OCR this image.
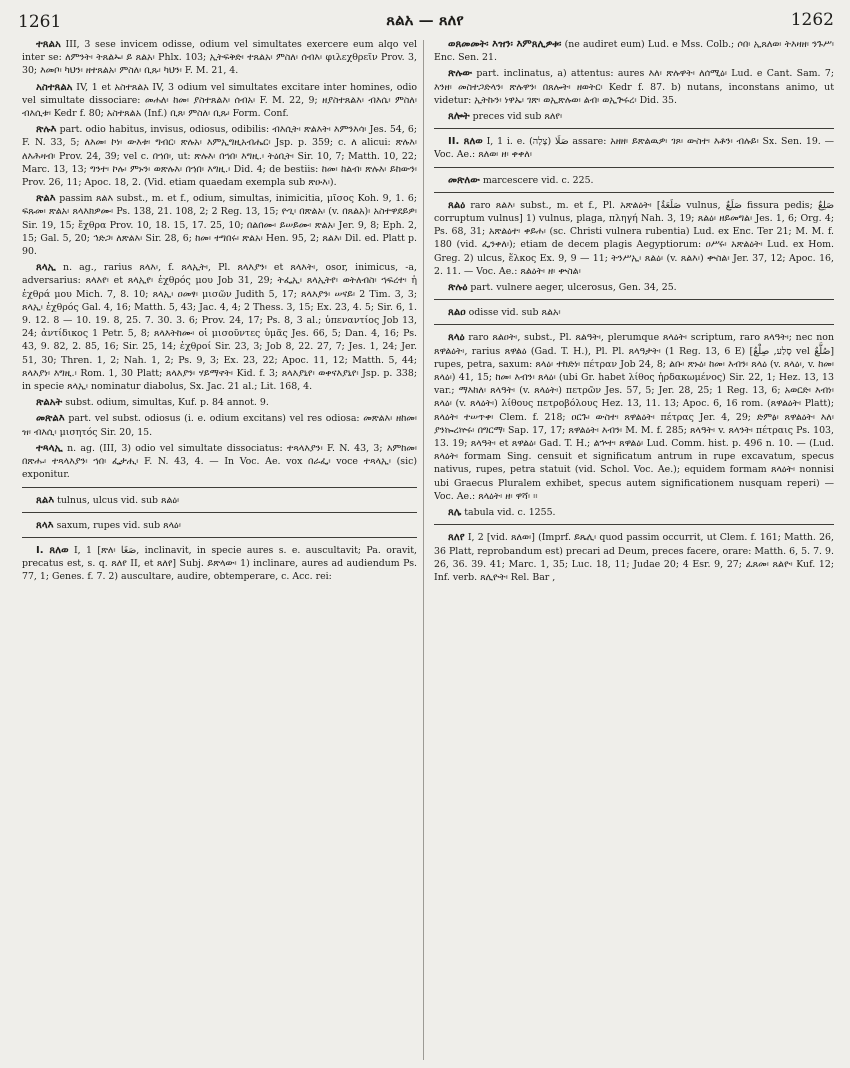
1261	ጸልአ — ጸለየ	1262

ተጸልአ III, 3 sese invicem odisse, odium vel simultates exercere eum alqo vel inter se: ለምንት፡ ትጸልኡ፡ ይ ጸልአ፡ Phlx. 103; ኢትፍቅድ፡ ተጸልአ፡ ምስለ፡ ሰብእ፡ φιλεχθρεῖν Prov. 3, 30; እመቦ፡ ካህን፡ ዘተጸልአ፡ ምስለ፡ ቢጹ፡ ካህን፡ F. M. 21, 4.

አስተጸልአ IV, 1 et አስተጸልአ IV, 3 odium vel simultates excitare inter homines, odio vel simultate dissociare: መሐለ፡ ከመ፡ ያስተጸልእ፡ ሰብአ፡ F. M. 22, 9; ዘያስተጸልእ፡ ብእሴ፡ ምስለ፡ ብእሲቱ፡ Kedr f. 80; አስተጸልአ (Inf.) ቢጸ፡ ምስለ፡ ቢጹ፡ Form. Conf.

ጽሉእ part. odio habitus, invisus, odiosus, odibilis: ብእሲት፡ ጽልእት፡ እምንእሳ፡ Jes. 54, 6; F. N. 33, 5; ለእመ፡ ኮነ፡ ውእቱ፡ ግብር፡ ጽሉአ፡ እምኢግዚአብሔር፡ Jsp. p. 359; c. ለ alicui: ጽሉእ፡ ለእሕዛብ፡ Prov. 24, 39; vel c. በኀበ፡, ut: ጽሉእ፡ በኀበ፡ እግዚ.፡ ትዕቢት፡ Sir. 10, 7; Matth. 10, 22; Marc. 13, 13; ግንተ፡ ኮሉ፡ ምኑን፡ ወጽሉእ፡ በኀበ፡ እግዚ.፡ Did. 4; de bestiis: ከመ፡ ከልብ፡ ጽሉእ፡ ይከውን፡ Prov. 26, 11; Apoc. 18, 2. (Vid. etiam quaedam exempla sub ጽዑእ፡).

ጽልእ passim ጸልእ subst., m. et f., odium, simultas, inimicitia, μῖσος Koh. 9, 1. 6; ፍጹመ፡ ጽልአ፡ ጸላእክዎሙ፡ Ps. 138, 21. 108, 2; 2 Reg. 13, 15; ዮጊ፡ በጽልአ፡ (v. በጸልአ)፡ አስተዋደይዎ፡ Sir. 19, 15; ἔχθρα Prov. 10, 18. 15, 17. 25, 10; በልበሙ፡ ይሠይሙ፡ ጽልአ፡ Jer. 9, 8; Eph. 2, 15; Gal. 5, 20; ኅድጋ፡ ለጽልእ፡ Sir. 28, 6; ከመ፡ ተግበሩ፡ ጽልአ፡ Hen. 95, 2; ጸልእ፡ Dil. ed. Platt p. 90.

ጸላኢ n. ag., rarius ጸላእ፡, f. ጸላኢት፡, Pl. ጸላእያን፡ et ጸላእት፡, osor, inimicus, -a, adversarius: ጸላእየ፡ et ጸላኢየ፡ ἐχθρός μου Job 31, 29; ትፌኢ፡ ጸላኢትየ፡ ወትለብስ፡ ኀፍረተ፡ ἡ ἐχθρά μου Mich. 7, 8. 10; ጸላኢ፡ ዐመፃ፡ μισῶν Judith 5, 17; ጸላእያን፡ ሠናይ፡ 2 Tim. 3, 3; ጸላኢ፡ ἐχθρός Gal. 4, 16; Matth. 5, 43; Jac. 4, 4; 2 Thess. 3, 15; Ex. 23, 4. 5; Sir. 6, 1. 9. 12. 8 — 10. 19. 8, 25. 7. 30. 3. 6; Prov. 24, 17; Ps. 8, 3 al.; ὑπεναντίος Job 13, 24; ἀντίδικος 1 Petr. 5, 8; ጸላእትከሙ፡ οἱ μισοῦντες ὑμᾶς Jes. 66, 5; Dan. 4, 16; Ps. 43, 9. 82, 2. 85, 16; Sir. 25, 14; ἐχθροί Sir. 23, 3; Job 8, 22. 27, 7; Jes. 1, 24; Jer. 51, 30; Thren. 1, 2; Nah. 1, 2; Ps. 9, 3; Ex. 23, 22; Apoc. 11, 12; Matth. 5, 44; ጸላእያነ፡ እግዚ.፡ Rom. 1, 30 Platt; ጸላእያን፡ ሃይማኖት፡ Kid. f. 3; ጸላእያኒየ፡ ወቀናእያኒየ፡ Jsp. p. 338; in specie ጸላኢ፡ nominatur diabolus, Sx. Jac. 21 al.; Lit. 168, 4.

ጽልአት subst. odium, simultas, Kuf. p. 84 annot. 9.

መጽልእ part. vel subst. odiosus (i. e. odium excitans) vel res odiosa: መጽልእ፡ ዘከመ፡ ዝ፡ ብእሲ፡ μισητός Sir. 20, 15.

ተጻላኢ n. ag. (III, 3) odio vel simultate dissociatus: ተጻላእያን፡ F. N. 43, 3; እምከመ፡ በጽሑ፡ ተጻላእያን፡ ኀበ፡ ፌታሒ፡ F. N. 43, 4. — In Voc. Ae. vox በራፌ፡ voce ተጻላኢ፡ (sic) exponitur.

ጸልእ tulnus, ulcus vid. sub ጸልዕ፡

ጸላእ saxum, rupes vid. sub ጸላዕ፡

I. ጸለወ I, 1 [ጽለ፡ صَغَا, inclinavit, in specie aures s. e. auscultavit; Pa. oravit, precatus est, s. q. ጸለየ II, et ጸለየ] Subj. ይጽላው፡ 1) inclinare, aures ad audiendum Ps. 77, 1; Genes. f. 7. 2) auscultare, audire, obtemperare, c. Acc. rei:

ወጸመመት፡ እዝን፡ እምጸሊዎቱ፡ (ne audiret eum) Lud. e Mss. Colb.; ሶበ፡ ኢጸለወ፡ ትእዛዘ፡ ንጉሥ፡ Enc. Sen. 21.

ጽሉው part. inclinatus, a) attentus: aures እለ፡ ጽሉዋት፡ ለሰሚዕ፡ Lud. e Cant. Sam. 7; እንዘ፡ መስተጋድላን፡ ጽሉዋን፡ በጸሎት፡ ዘወትር፡ Kedr f. 87. b) nutans, inconstans animo, ut videtur: ኢትኩን፡ ነዋኤ፡ ገጽ፡ ወኢጽሉወ፡ ልብ፡ ወኢጕሩረ፡ Did. 35.

ጸሎት preces vid sub ጸለየ፡

II. ጸለወ I, 1 i. e. صَلَا (צָלָה) assare: አዘዘ፡ ይጽልዉዎ፡ ገጾ፡ ውስተ፡ እቶን፡ ብሉይ፡ Sx. Sen. 19. — Voc. Ae.: ጸለወ፡ ዘ፡ ቀቀለ፡

መጽለው marcescere vid. c. 225.

ጸልዕ raro ጸልእ፡ subst., m. et f., Pl. አጽልዕት፡ [صَلَعَةٌ vulnus, صَلَعٌ fissura pedis; صَلِعٌ corruptum vulnus] 1) vulnus, plaga, πληγή Nah. 3, 19; ጸልዕ፡ ዘይመግል፡ Jes. 1, 6; Org. 4; Ps. 68, 31; አጽልዕተ፡ ቀይሐ፡ (sc. Christi vulnera rubentia) Lud. ex Enc. Ter 21; M. M. f. 180 (vid. ፌንቀለ፡); etiam de decem plagis Aegyptiorum: ዐሥሩ፡ አጽልዕት፡ Lud. ex Hom. Greg. 2) ulcus, ἕλκος Ex. 9, 9 — 11; ትንሥኢ፡ ጸልዕ፡ (v. ጸልእ፡) ቍስል፡ Jer. 37, 12; Apoc. 16, 2. 11. — Voc. Ae.: ጸልዕት፡ ዘ፡ ቍስል፡

ጽሉዕ part. vulnere aeger, ulcerosus, Gen. 34, 25.

ጸልዐ odisse vid. sub ጸልአ፡

ጸላዕ raro ጸልዐት፡, subst., Pl. ጸልዓት፡, plerumque ጸላዕት፡ scriptum, raro ጸላዓት፡; nec non ጸዋልዕት፡, rarius ጸዋልዕ (Gad. T. H.), Pl. Pl. ጸላዓታት፡ (1 Reg. 13, 6 E) [סֶלַע, صِلْعٌ vel صُلَّعٌ] rupes, petra, saxum: ጸላዕ፡ ተከድነ፡ πέτραν Job 24, 8; ልቡ፡ ጽኑዕ፡ ከመ፡ እብን፡ ጸላዕ (v. ጸላዕ፡, v. ከመ፡ ጸላዕ፡) 41, 15; ከመ፡ እብን፡ ጸላዕ፡ (ubi Gr. habet λίθος ἡρδακωμένος) Sir. 22, 1; Hez. 13, 13 var.; ማእከለ፡ ጸላዓት፡ (v. ጸላዕት፡) πετρῶν Jes. 57, 5; Jer. 28, 25; 1 Reg. 13, 6; አወርድ፡ እብነ፡ ጸላዕ፡ (v. ጸላዕት፡) λίθους πετροβόλους Hez. 13, 11. 13; Apoc. 6, 16 rom. (ጸዋልዕት፡ Platt); ጸላዕት፡ ተሠጥቀ፡ Clem. f. 218; ዐርጉ፡ ውስተ፡ ጸዋልዕት፡ πέτρας Jer. 4, 29; ድምፅ፡ ጸዋልዕት፡ እለ፡ ያንኰረኵሩ፡ በግርማ፡ Sap. 17, 17; ጸዋልዕት፡ እብን፡ M. M. f. 285; ጸላዓት፡ v. ጸላንት፡ πέτραις Ps. 103, 13. 19; ጸላዓት፡ et ጸዋልዕ፡ Gad. T. H.; ልኍተ፡ ጸዋልዕ፡ Lud. Comm. hist. p. 496 n. 10. — (Lud. ጸላዕት፡ formam Sing. censuit et significatum antrum in rupe excavatum, specus nativus, rupes, petra statuit (vid. Schol. Voc. Ae.); equidem formam ጸላዕት፡ nonnisi ubi Graecus Pluralem exhibet, specus autem significationem nusquam reperi) — Voc. Ae.: ጸላዕት፡ ዘ፡ ዋሻ፡ ።

ጸሌ tabula vid. c. 1255.

ጸለየ I, 2 [vid. ጸለወ፡] (Imprf. ይጼሊ፡ quod passim occurrit, ut Clem. f. 161; Matth. 26, 36 Platt, reprobandum est) precari ad Deum, preces facere, orare: Matth. 6, 5. 7. 9. 26, 36. 39. 41; Marc. 1, 35; Luc. 18, 11; Judae 20; 4 Esr. 9, 27; ፈጸመ፡ ጸልዮ፡ Kuf. 12; Inf. verb. ጸሊዮት፡ Rel. Bar ,
